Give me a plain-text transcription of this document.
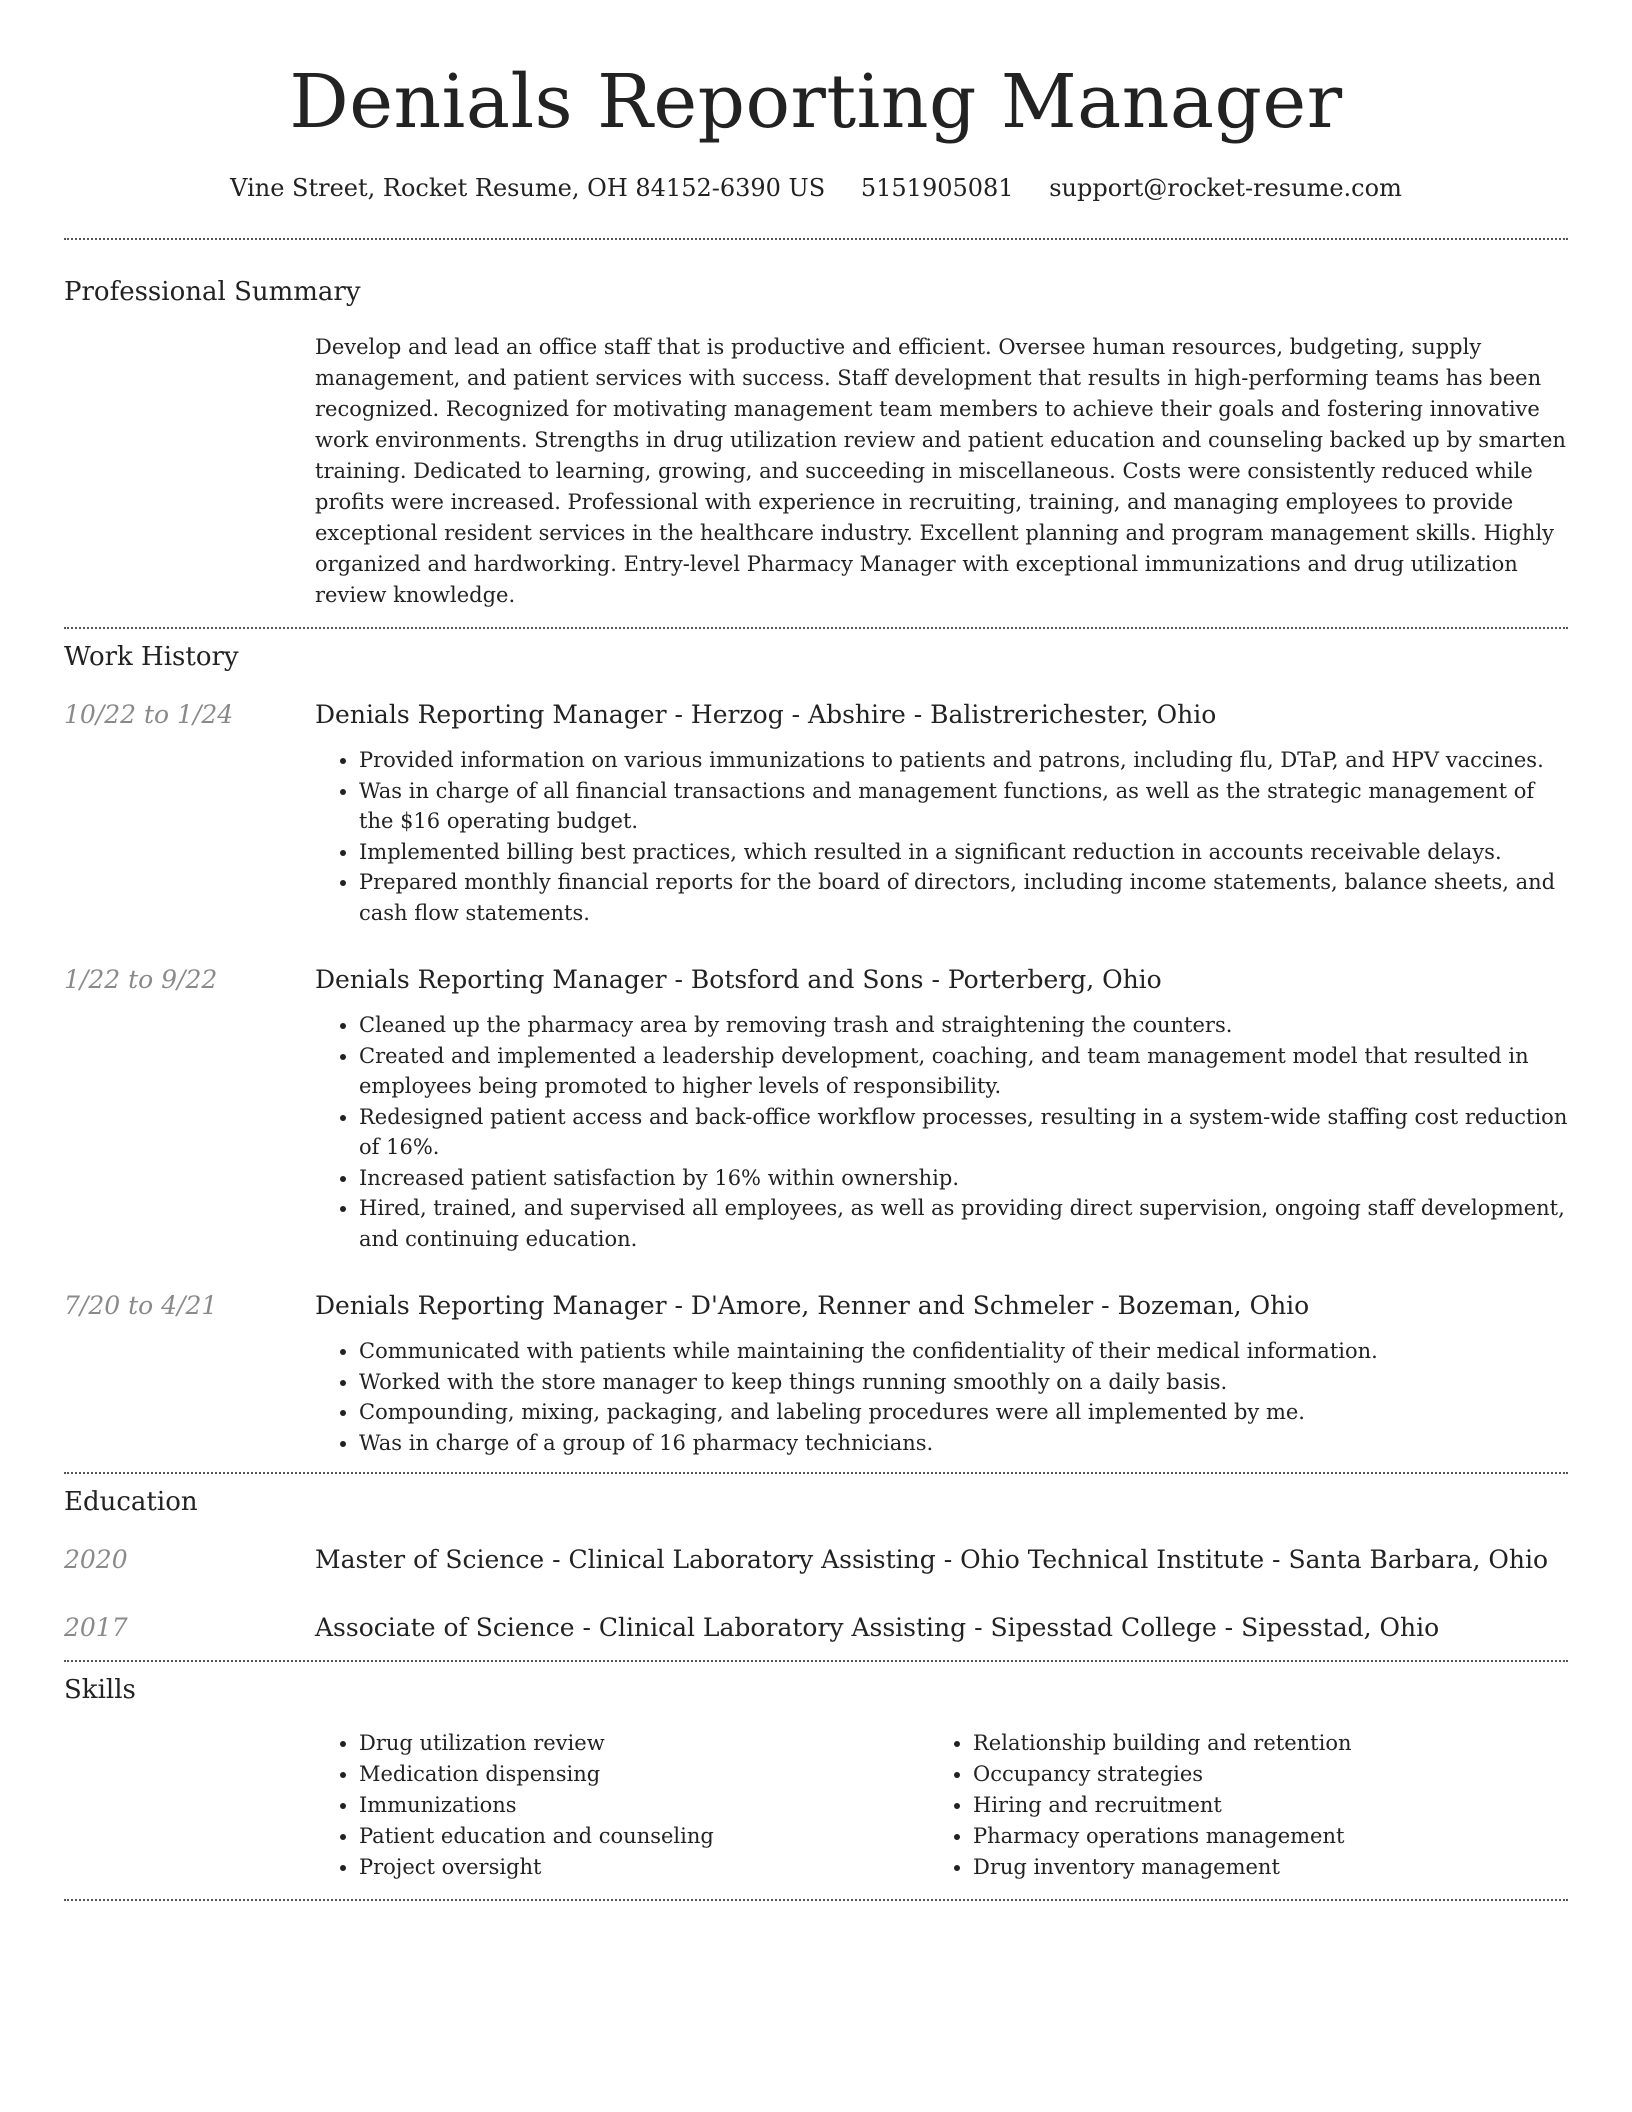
Denials Reporting Manager
Vine Street, Rocket Resume, OH 84152-6390 US 5151905081 support@rocket-resume.com
Professional Summary

Develop and lead an office staff that is productive and efficient. Oversee human resources, budgeting, supply management, and patient services with success. Staff development that results in high-performing teams has been recognized. Recognized for motivating management team members to achieve their goals and fostering innovative work environments. Strengths in drug utilization review and patient education and counseling backed up by smarten training. Dedicated to learning, growing, and succeeding in miscellaneous. Costs were consistently reduced while profits were increased. Professional with experience in recruiting, training, and managing employees to provide exceptional resident services in the healthcare industry. Excellent planning and program management skills. Highly organized and hardworking. Entry-level Pharmacy Manager with exceptional immunizations and drug utilization review knowledge.

Work History
10/22 to 1/24	Denials Reporting Manager - Herzog - Abshire - Balistrerichester, Ohio
• Provided information on various immunizations to patients and patrons, including flu, DTaP, and HPV vaccines.
• Was in charge of all financial transactions and management functions, as well as the strategic management of the $16 operating budget.
• Implemented billing best practices, which resulted in a significant reduction in accounts receivable delays.
• Prepared monthly financial reports for the board of directors, including income statements, balance sheets, and cash flow statements.
1/22 to 9/22	Denials Reporting Manager - Botsford and Sons - Porterberg, Ohio
• Cleaned up the pharmacy area by removing trash and straightening the counters.
• Created and implemented a leadership development, coaching, and team management model that resulted in employees being promoted to higher levels of responsibility.
• Redesigned patient access and back-office workflow processes, resulting in a system-wide staffing cost reduction of 16%.
• Increased patient satisfaction by 16% within ownership.
• Hired, trained, and supervised all employees, as well as providing direct supervision, ongoing staff development, and continuing education.
7/20 to 4/21	Denials Reporting Manager - D'Amore, Renner and Schmeler - Bozeman, Ohio
• Communicated with patients while maintaining the confidentiality of their medical information.
• Worked with the store manager to keep things running smoothly on a daily basis.
• Compounding, mixing, packaging, and labeling procedures were all implemented by me.
• Was in charge of a group of 16 pharmacy technicians.
Education
2020	Master of Science - Clinical Laboratory Assisting - Ohio Technical Institute - Santa Barbara, Ohio
2017	Associate of Science - Clinical Laboratory Assisting - Sipesstad College - Sipesstad, Ohio
Skills
• Drug utilization review
• Medication dispensing
• Immunizations
• Patient education and counseling
• Project oversight
• Relationship building and retention
• Occupancy strategies
• Hiring and recruitment
• Pharmacy operations management
• Drug inventory management
